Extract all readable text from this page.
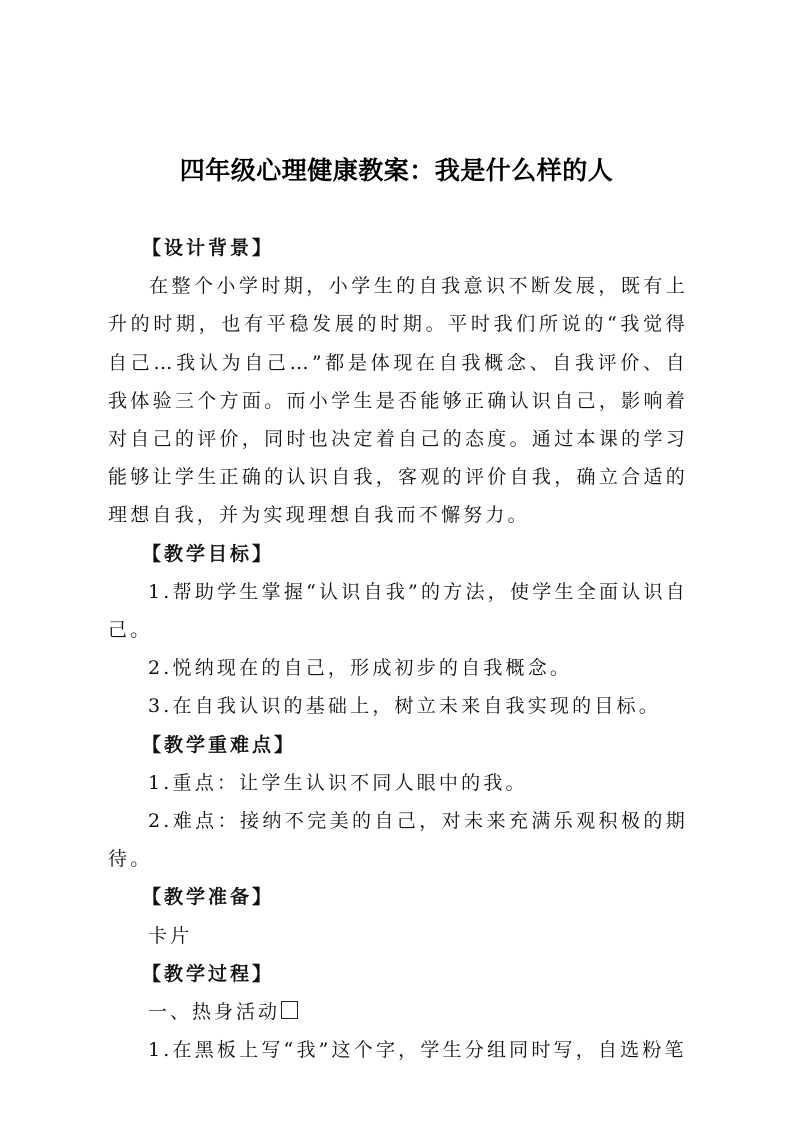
四年级心理健康教案：我是什么样的人

【设计背景】

在整个小学时期，小学生的自我意识不断发展，既有上升的时期，也有平稳发展的时期。平时我们所说的“我觉得自己…我认为自己…”都是体现在自我概念、自我评价、自我体验三个方面。而小学生是否能够正确认识自己，影响着对自己的评价，同时也决定着自己的态度。通过本课的学习能够让学生正确的认识自我，客观的评价自我，确立合适的理想自我，并为实现理想自我而不懈努力。

【教学目标】

1.帮助学生掌握“认识自我”的方法，使学生全面认识自己。

2.悦纳现在的自己，形成初步的自我概念。

3.在自我认识的基础上，树立未来自我实现的目标。

【教学重难点】

1.重点：让学生认识不同人眼中的我。

2.难点：接纳不完美的自己，对未来充满乐观积极的期待。

【教学准备】

卡片

【教学过程】

一、热身活动

1.在黑板上写“我”这个字，学生分组同时写，自选粉笔
